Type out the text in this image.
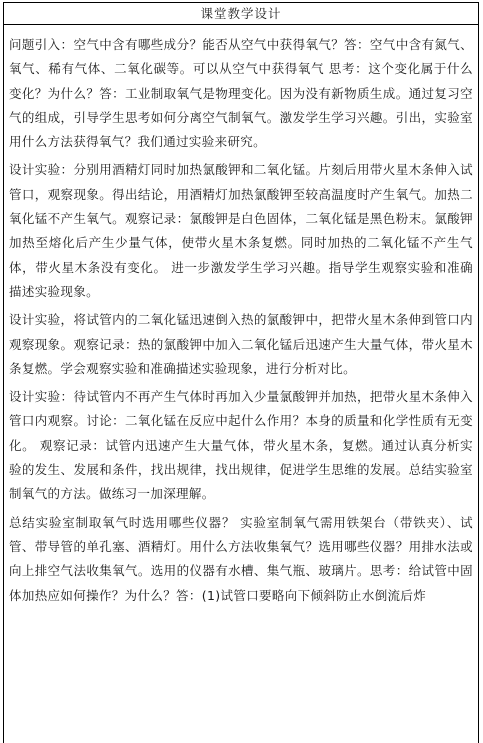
课堂教学设计

问题引入：空气中含有哪些成分？能否从空气中获得氧气？答：空气中含有氮气、氧气、稀有气体、二氧化碳等。可以从空气中获得氧气 思考：这个变化属于什么变化？为什么？答：工业制取氧气是物理变化。因为没有新物质生成。通过复习空气的组成，引导学生思考如何分离空气制氧气。激发学生学习兴趣。引出，实验室用什么方法获得氧气？我们通过实验来研究。

设计实验：分别用酒精灯同时加热氯酸钾和二氧化锰。片刻后用带火星木条伸入试管口，观察现象。得出结论，用酒精灯加热氯酸钾至较高温度时产生氧气。加热二氧化锰不产生氧气。观察记录：氯酸钾是白色固体，二氧化锰是黑色粉末。氯酸钾加热至熔化后产生少量气体，使带火星木条复燃。同时加热的二氧化锰不产生气体，带火星木条没有变化。 进一步激发学生学习兴趣。指导学生观察实验和准确描述实验现象。

设计实验，将试管内的二氧化锰迅速倒入热的氯酸钾中，把带火星木条伸到管口内观察现象。观察记录：热的氯酸钾中加入二氧化锰后迅速产生大量气体，带火星木条复燃。学会观察实验和准确描述实验现象，进行分析对比。

设计实验：待试管内不再产生气体时再加入少量氯酸钾并加热，把带火星木条伸入管口内观察。讨论：二氧化锰在反应中起什么作用？本身的质量和化学性质有无变化。 观察记录：试管内迅速产生大量气体，带火星木条，复燃。通过认真分析实验的发生、发展和条件，找出规律，找出规律，促进学生思维的发展。总结实验室制氧气的方法。做练习一加深理解。

总结实验室制取氧气时选用哪些仪器？ 实验室制氧气需用铁架台（带铁夹）、试管、带导管的单孔塞、酒精灯。用什么方法收集氧气？选用哪些仪器？用排水法或向上排空气法收集氧气。选用的仪器有水槽、集气瓶、玻璃片。思考：给试管中固体加热应如何操作？为什么？答：(1)试管口要略向下倾斜防止水倒流后炸
